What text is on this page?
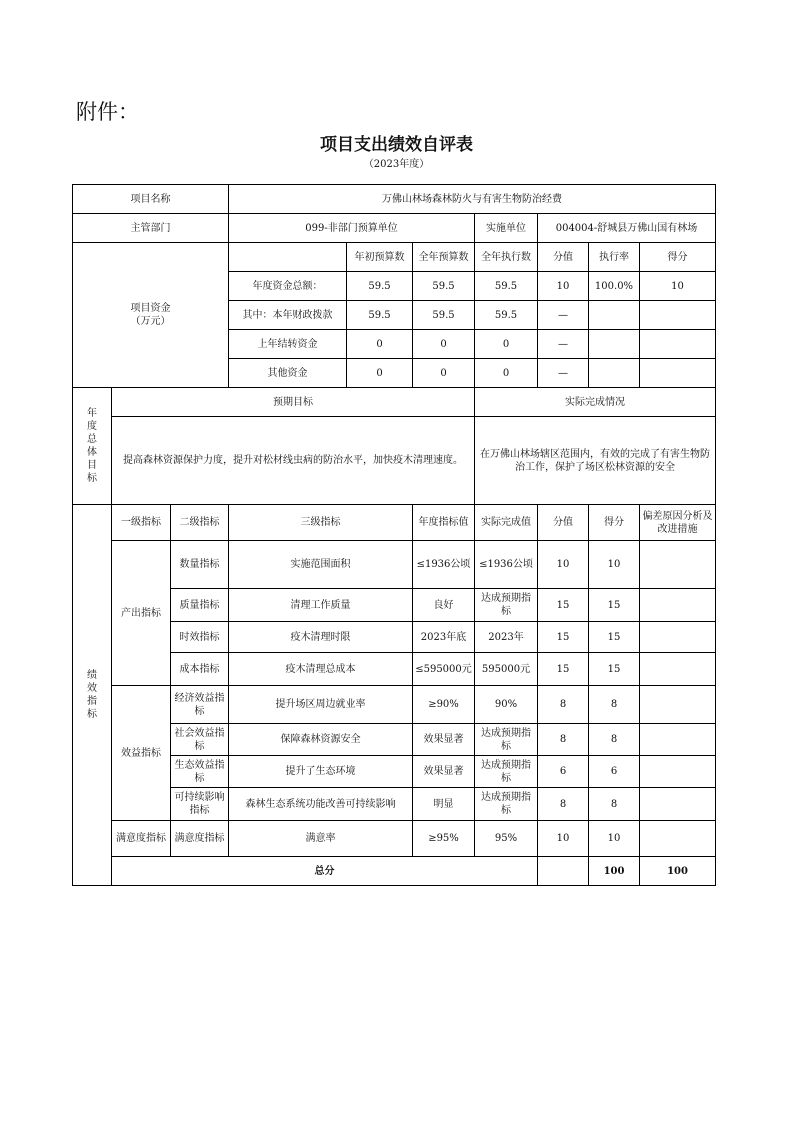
附件：
项目支出绩效自评表
（2023年度）
项目名称			万佛山林场森林防火与有害生物防治经费							
主管部门			099-非部门预算单位			实施单位	004004-舒城县万佛山国有林场			
项目资金
（万元）				年初预算数	全年预算数	全年执行数	分值	执行率	得分	
			年度资金总额：	59.5	59.5	59.5	10	100.0%	10	
			其中：本年财政拨款	59.5	59.5	59.5	—			
			上年结转资金	0	0	0	—			
			其他资金	0	0	0	—			
年度总体目标	预期目标					实际完成情况				
	提高森林资源保护力度，提升对松材线虫病的防治水平，加快疫木清理速度。					在万佛山林场辖区范围内，有效的完成了有害生物防治工作，保护了场区松林资源的安全				
绩效指标	一级指标	二级指标	三级指标		年度指标值	实际完成值	分值	得分	偏差原因分析及改进措施	
	产出指标	数量指标	实施范围面积		≤1936公顷	≤1936公顷	10	10		
		质量指标	清理工作质量		良好	达成预期指标	15	15		
		时效指标	疫木清理时限		2023年底	2023年	15	15		
		成本指标	疫木清理总成本		≤595000元	595000元	15	15		
	效益指标	经济效益指标	提升场区周边就业率		≥90%	90%	8	8		
		社会效益指标	保障森林资源安全		效果显著	达成预期指标	8	8		
		生态效益指标	提升了生态环境		效果显著	达成预期指标	6	6		
		可持续影响指标	森林生态系统功能改善可持续影响		明显	达成预期指标	8	8		
	满意度指标	满意度指标	满意率		≥95%	95%	10	10		
	总分							100	100	
